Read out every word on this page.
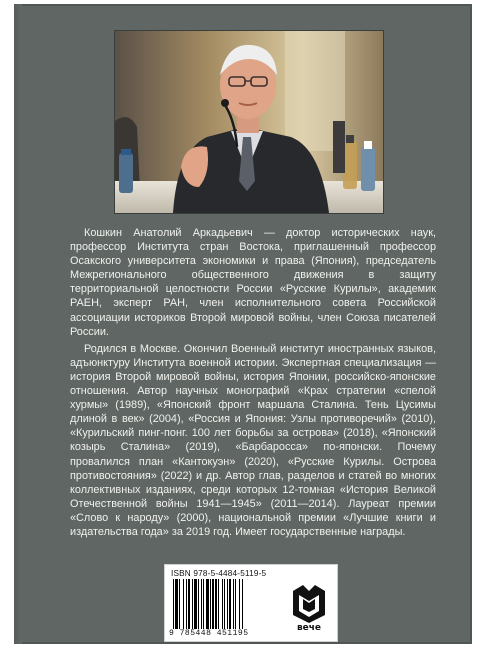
Кошкин Анатолий Аркадьевич — доктор исторических наук, профессор Института стран Востока, приглашенный профессор Осакского университета экономики и права (Япония), председатель Межрегионального общественного движения в защиту территориальной целостности России «Русские Курилы», академик РАЕН, эксперт РАН, член исполнительного совета Российской ассоциации историков Второй мировой войны, член Союза писателей России.

Родился в Москве. Окончил Военный институт иностранных языков, адъюнктуру Института военной истории. Экспертная специализация — история Второй мировой войны, история Японии, российско-японские отношения. Автор научных монографий «Крах стратегии «спелой хурмы» (1989), «Японский фронт маршала Сталина. Тень Цусимы длиной в век» (2004), «Россия и Япония: Узлы противоречий» (2010), «Курильский пинг-понг. 100 лет борьбы за острова» (2018), «Японский козырь Сталина» (2019), «Барбаросса» по-японски. Почему провалился план «Кантокуэн» (2020), «Русские Курилы. Острова противостояния» (2022) и др. Автор глав, разделов и статей во многих коллективных изданиях, среди которых 12-томная «История Великой Отечественной войны 1941—1945» (2011—2014). Лауреат премии «Слово к народу» (2000), национальной премии «Лучшие книги и издательства года» за 2019 год. Имеет государственные награды.

ISBN 978-5-4484-5119-5
9 785448 451195
вече
